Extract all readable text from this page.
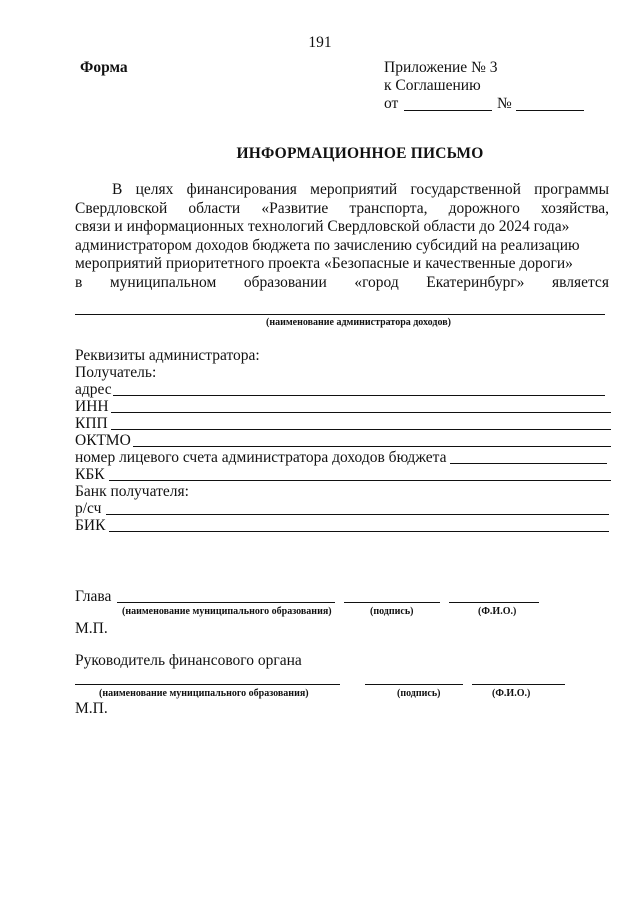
191
Форма	Приложение № 3
к Соглашению
от	№
ИНФОРМАЦИОННОЕ ПИСЬМО
В целях финансирования мероприятий государственной программы
Свердловской области «Развитие транспорта, дорожного хозяйства,
связи и информационных технологий Свердловской области до 2024 года»
администратором доходов бюджета по зачислению субсидий на реализацию
мероприятий приоритетного проекта «Безопасные и качественные дороги»
в муниципальном образовании «город Екатеринбург» является
(наименование администратора доходов)
Реквизиты администратора:
Получатель:
адрес
ИНН
КПП
ОКТМО
номер лицевого счета администратора доходов бюджета
КБК
Банк получателя:
р/сч
БИК
Глава
(наименование муниципального образования)	(подпись)	(Ф.И.О.)
М.П.
Руководитель финансового органа
(наименование муниципального образования)	(подпись)	(Ф.И.О.)
М.П.
